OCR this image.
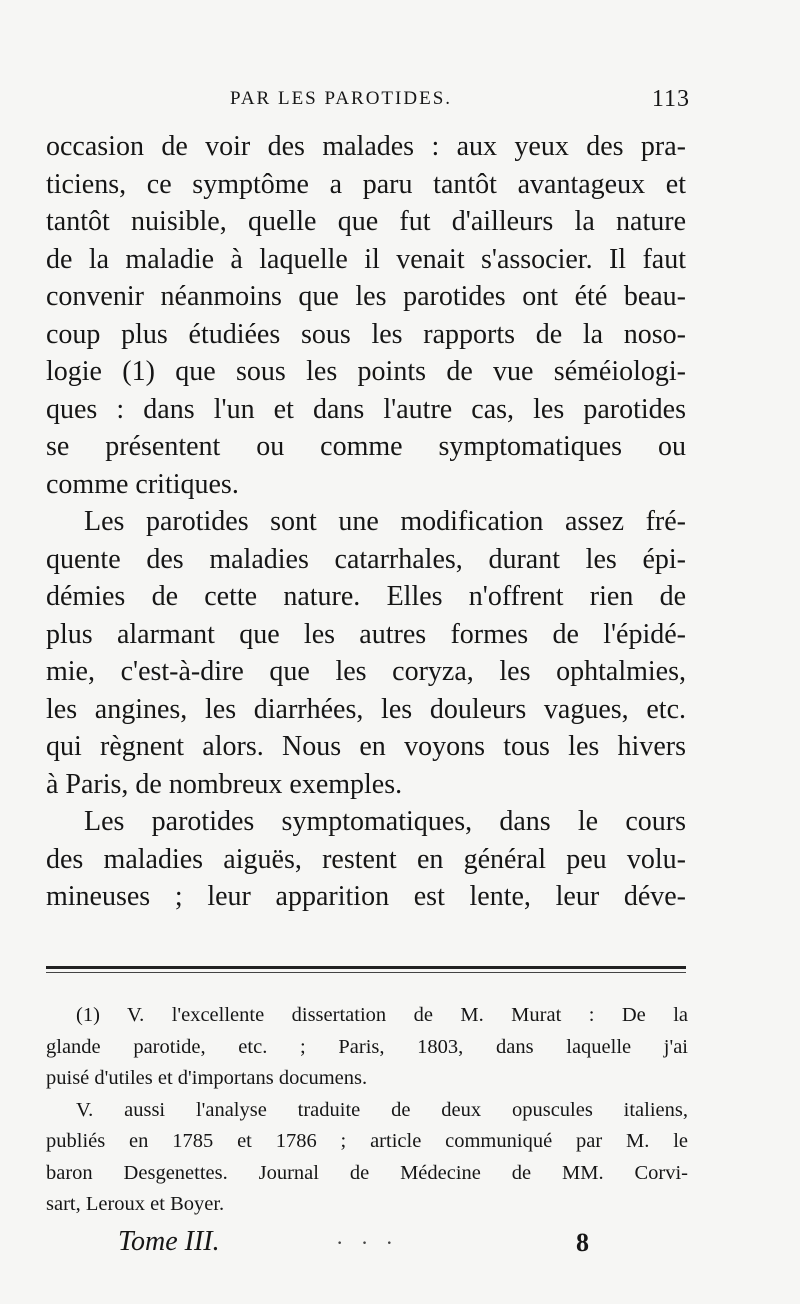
PAR LES PAROTIDES.	113
occasion de voir des malades : aux yeux des pra-
ticiens, ce symptôme a paru tantôt avantageux et
tantôt nuisible, quelle que fut d'ailleurs la nature
de la maladie à laquelle il venait s'associer. Il faut
convenir néanmoins que les parotides ont été beau-
coup plus étudiées sous les rapports de la noso-
logie (1) que sous les points de vue séméiologi-
ques : dans l'un et dans l'autre cas, les parotides
se présentent ou comme symptomatiques ou
comme critiques.
Les parotides sont une modification assez fré-
quente des maladies catarrhales, durant les épi-
démies de cette nature. Elles n'offrent rien de
plus alarmant que les autres formes de l'épidé-
mie, c'est-à-dire que les coryza, les ophtalmies,
les angines, les diarrhées, les douleurs vagues, etc.
qui règnent alors. Nous en voyons tous les hivers
à Paris, de nombreux exemples.
Les parotides symptomatiques, dans le cours
des maladies aiguës, restent en général peu volu-
mineuses ; leur apparition est lente, leur déve-
(1) V. l'excellente dissertation de M. Murat : De la
glande parotide, etc. ; Paris, 1803, dans laquelle j'ai
puisé d'utiles et d'importans documens.
V. aussi l'analyse traduite de deux opuscules italiens,
publiés en 1785 et 1786 ; article communiqué par M. le
baron Desgenettes. Journal de Médecine de MM. Corvi-
sart, Leroux et Boyer.
Tome III.	· · ·	8
